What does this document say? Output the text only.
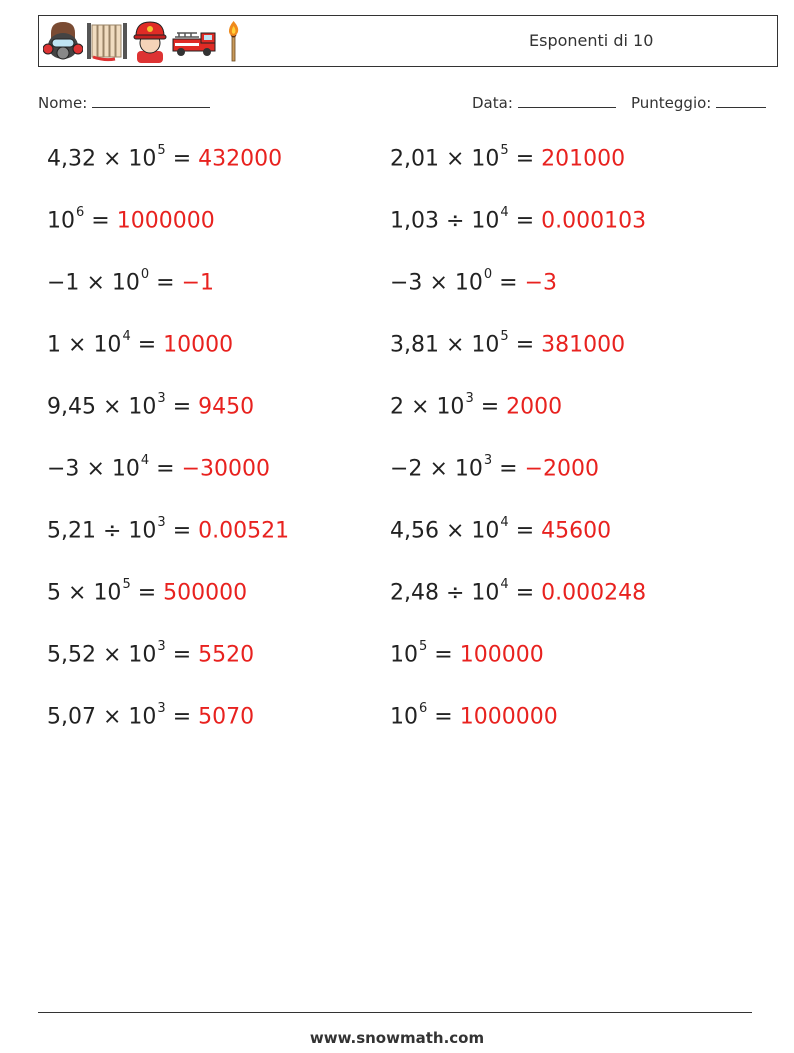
Esponenti di 10
Nome:	Data:	Punteggio:
$4,32 \times 10^5 = 432000$
$10^6 = 1000000$
$-1 \times 10^0 = -1$
$1 \times 10^4 = 10000$
$9,45 \times 10^3 = 9450$
$-3 \times 10^4 = -30000$
$5,21 \div 10^3 = 0.00521$
$5 \times 10^5 = 500000$
$5,52 \times 10^3 = 5520$
$5,07 \times 10^3 = 5070$
$2,01 \times 10^5 = 201000$
$1,03 \div 10^4 = 0.000103$
$-3 \times 10^0 = -3$
$3,81 \times 10^5 = 381000$
$2 \times 10^3 = 2000$
$-2 \times 10^3 = -2000$
$4,56 \times 10^4 = 45600$
$2,48 \div 10^4 = 0.000248$
$10^5 = 100000$
$10^6 = 1000000$
www.snowmath.com
